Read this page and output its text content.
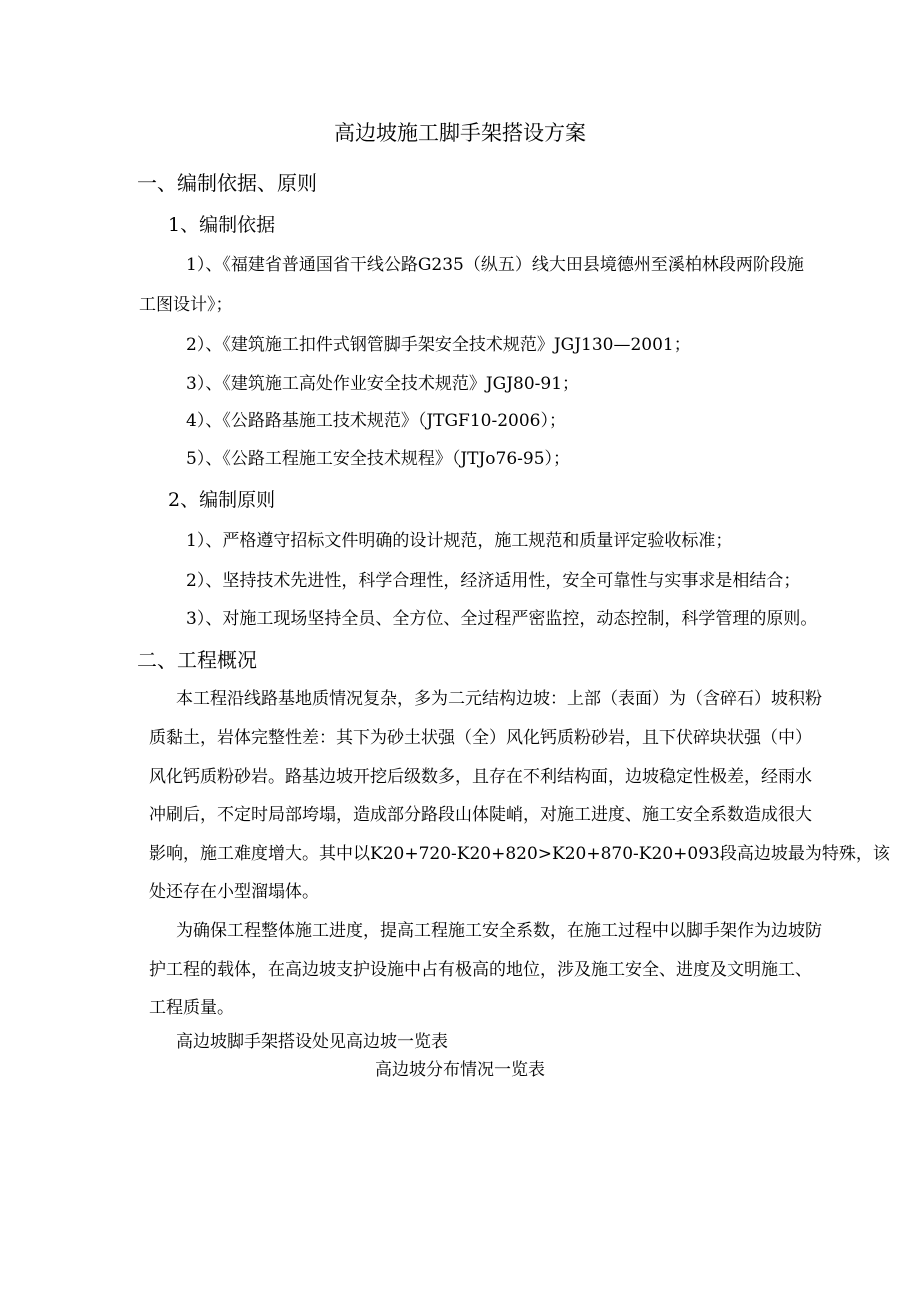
高边坡施工脚手架搭设方案
一、编制依据、原则
1、编制依据
1）、《福建省普通国省干线公路G235（纵五）线大田县境德州至溪柏林段两阶段施
工图设计》；
2）、《建筑施工扣件式钢管脚手架安全技术规范》JGJ130—2001；
3）、《建筑施工高处作业安全技术规范》JGJ80-91；
4）、《公路路基施工技术规范》（JTGF10-2006）；
5）、《公路工程施工安全技术规程》（JTJo76-95）；
2、编制原则
1）、严格遵守招标文件明确的设计规范，施工规范和质量评定验收标准；
2）、坚持技术先进性，科学合理性，经济适用性，安全可靠性与实事求是相结合；
3）、对施工现场坚持全员、全方位、全过程严密监控，动态控制，科学管理的原则。
二、工程概况
本工程沿线路基地质情况复杂，多为二元结构边坡：上部（表面）为（含碎石）坡积粉
质黏土，岩体完整性差：其下为砂土状强（全）风化钙质粉砂岩，且下伏碎块状强（中）
风化钙质粉砂岩。路基边坡开挖后级数多，且存在不利结构面，边坡稳定性极差，经雨水
冲刷后，不定时局部垮塌，造成部分路段山体陡峭，对施工进度、施工安全系数造成很大
影响，施工难度增大。其中以K20+720-K20+820>K20+870-K20+093段高边坡最为特殊，该
处还存在小型溜塌体。
为确保工程整体施工进度，提高工程施工安全系数，在施工过程中以脚手架作为边坡防
护工程的载体，在高边坡支护设施中占有极高的地位，涉及施工安全、进度及文明施工、
工程质量。
高边坡脚手架搭设处见高边坡一览表
高边坡分布情况一览表
